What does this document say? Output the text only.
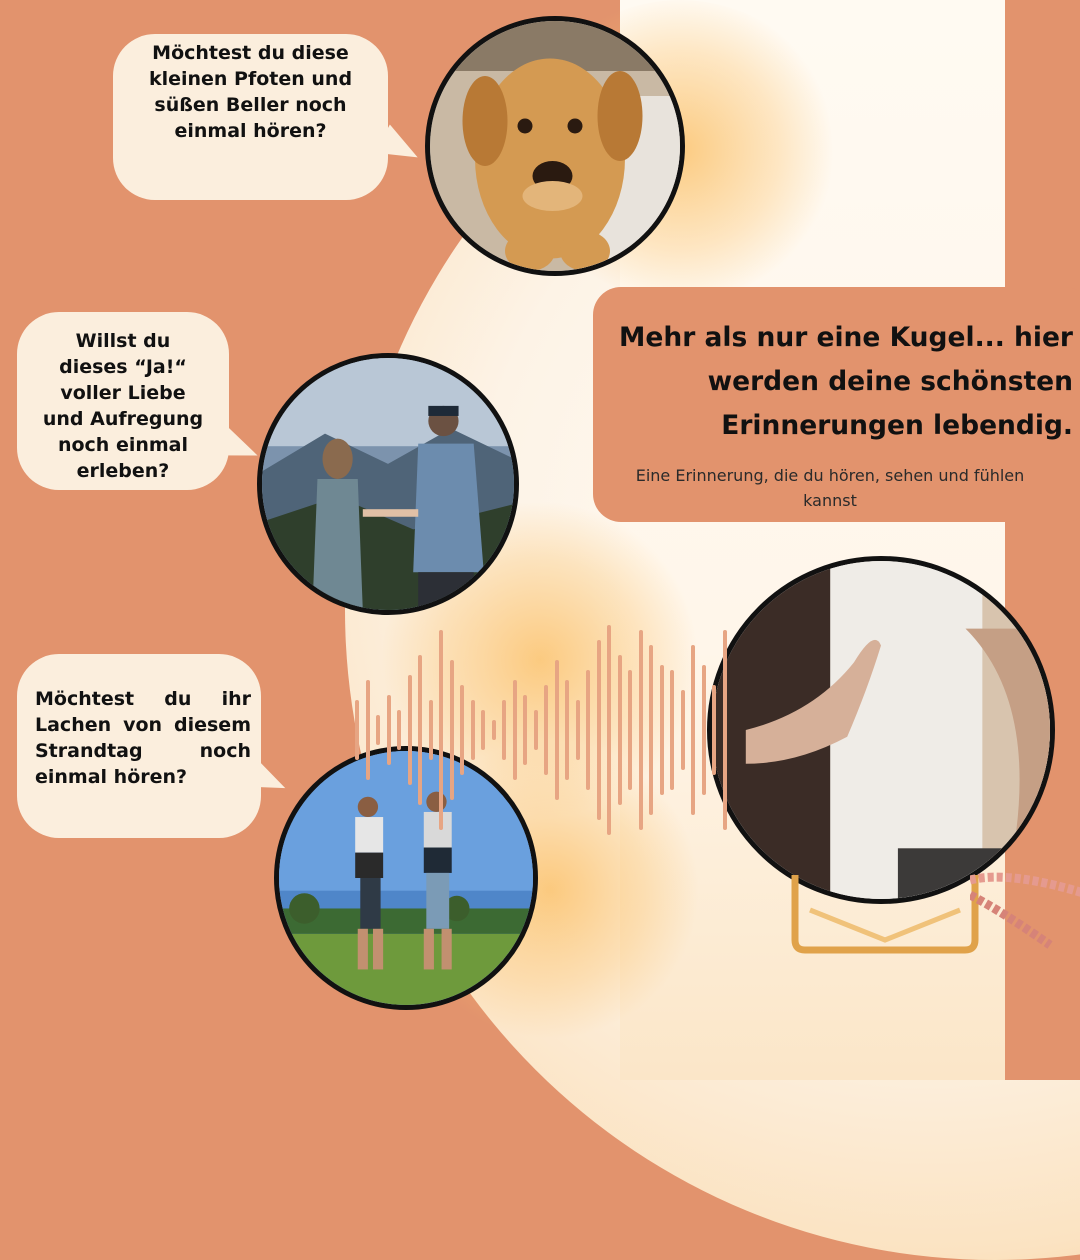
Möchtest du diese kleinen Pfoten und süßen Beller noch einmal hören?
Willst du dieses “Ja!“ voller Liebe und Aufregung noch einmal erleben?
Möchtest du ihr Lachen von diesem Strandtag noch einmal hören?
Mehr als nur eine Kugel... hier werden deine schönsten Erinnerungen lebendig.
Eine Erinnerung, die du hören, sehen und fühlen kannst
